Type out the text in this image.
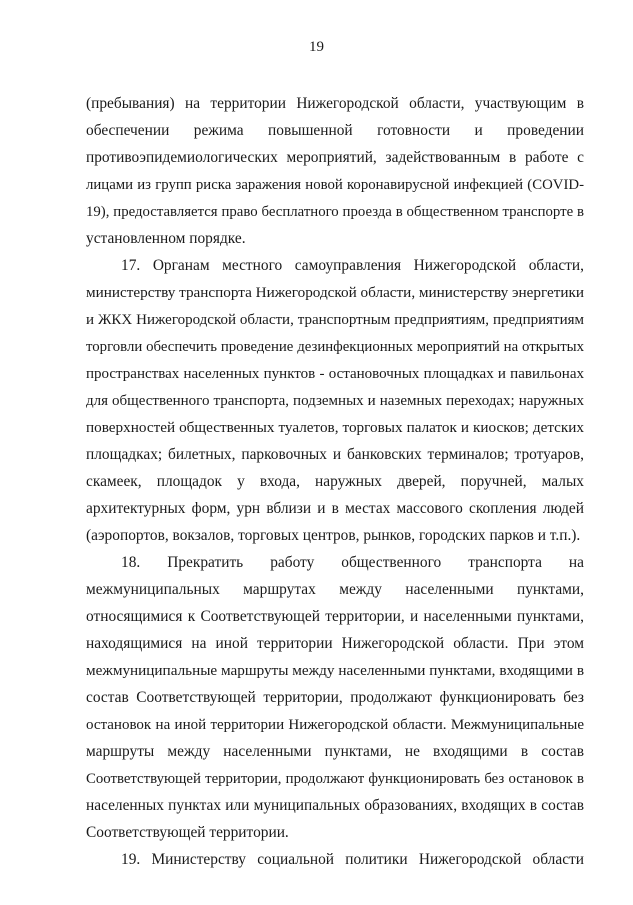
19
(пребывания) на территории Нижегородской области, участвующим в
обеспечении режима повышенной готовности и проведении
противоэпидемиологических мероприятий, задействованным в работе с
лицами из групп риска заражения новой коронавирусной инфекцией (COVID-
19), предоставляется право бесплатного проезда в общественном транспорте в
установленном порядке.
17. Органам местного самоуправления Нижегородской области,
министерству транспорта Нижегородской области, министерству энергетики
и ЖКХ Нижегородской области, транспортным предприятиям, предприятиям
торговли обеспечить проведение дезинфекционных мероприятий на открытых
пространствах населенных пунктов - остановочных площадках и павильонах
для общественного транспорта, подземных и наземных переходах; наружных
поверхностей общественных туалетов, торговых палаток и киосков; детских
площадках; билетных, парковочных и банковских терминалов; тротуаров,
скамеек, площадок у входа, наружных дверей, поручней, малых
архитектурных форм, урн вблизи и в местах массового скопления людей
(аэропортов, вокзалов, торговых центров, рынков, городских парков и т.п.).
18. Прекратить работу общественного транспорта на
межмуниципальных маршрутах между населенными пунктами,
относящимися к Соответствующей территории, и населенными пунктами,
находящимися на иной территории Нижегородской области. При этом
межмуниципальные маршруты между населенными пунктами, входящими в
состав Соответствующей территории, продолжают функционировать без
остановок на иной территории Нижегородской области. Межмуниципальные
маршруты между населенными пунктами, не входящими в состав
Соответствующей территории, продолжают функционировать без остановок в
населенных пунктах или муниципальных образованиях, входящих в состав
Соответствующей территории.
19. Министерству социальной политики Нижегородской области
